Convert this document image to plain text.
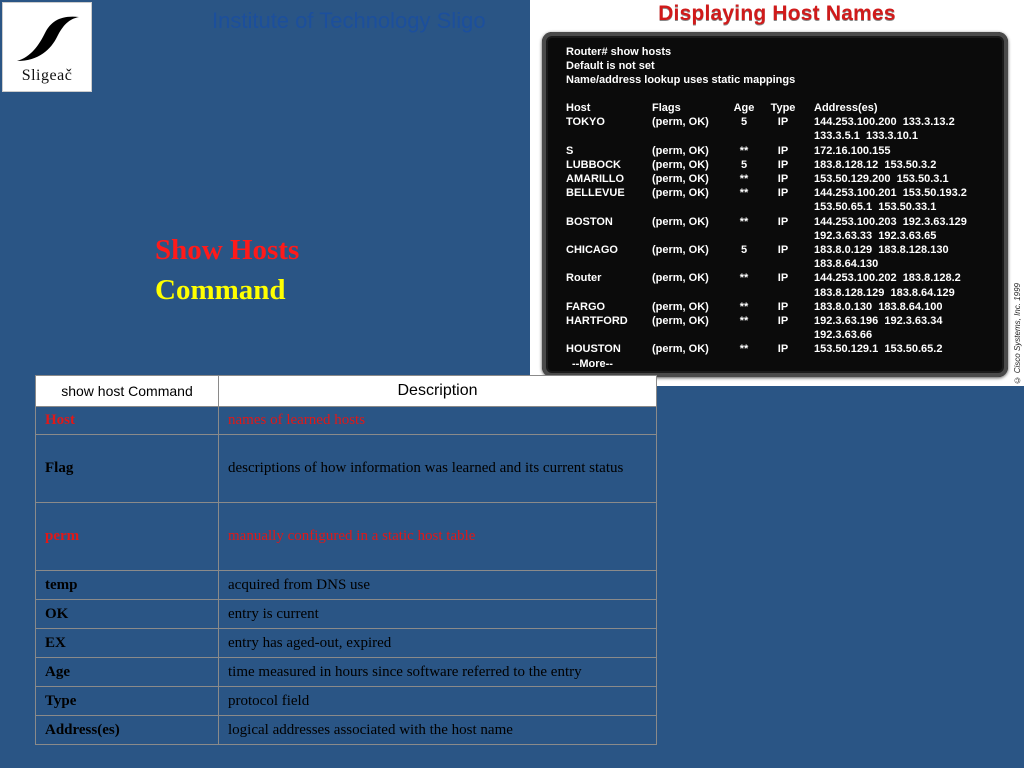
Sligeač
Institute of Technology Sligo
Show Hosts
Command
Displaying Host Names
Router# show hosts
Default is not set
Name/address lookup uses static mappings
Host	Flags	Age Type Address(es)
TOKYO	(perm, OK)	5	IP	144.253.100.200  133.3.13.2
133.3.5.1  133.3.10.1
S	(perm, OK)	**	IP	172.16.100.155
LUBBOCK	(perm, OK)	5	IP	183.8.128.12  153.50.3.2
AMARILLO	(perm, OK)	**	IP	153.50.129.200  153.50.3.1
BELLEVUE (perm, OK)	**	IP	144.253.100.201  153.50.193.2
153.50.65.1  153.50.33.1
BOSTON	(perm, OK)	**	IP	144.253.100.203  192.3.63.129
192.3.63.33  192.3.63.65
CHICAGO	(perm, OK)	5	IP	183.8.0.129  183.8.128.130
183.8.64.130
Router	(perm, OK)	**	IP	144.253.100.202  183.8.128.2
183.8.128.129  183.8.64.129
FARGO	(perm, OK)	**	IP	183.8.0.130  183.8.64.100
HARTFORD (perm, OK)	**	IP	192.3.63.196  192.3.63.34
192.3.63.66
HOUSTON	(perm, OK)	**	IP	153.50.129.1  153.50.65.2
--More--	© Cisco Systems, Inc. 1999
show host Command	Description
Host	names of learned hosts
Flag	descriptions of how information was learned and its current status
perm	manually configured in a static host table
temp	acquired from DNS use
OK	entry is current
EX	entry has aged-out, expired
Age	time measured in hours since software referred to the entry
Type	protocol field
Address(es)	logical addresses associated with the host name
